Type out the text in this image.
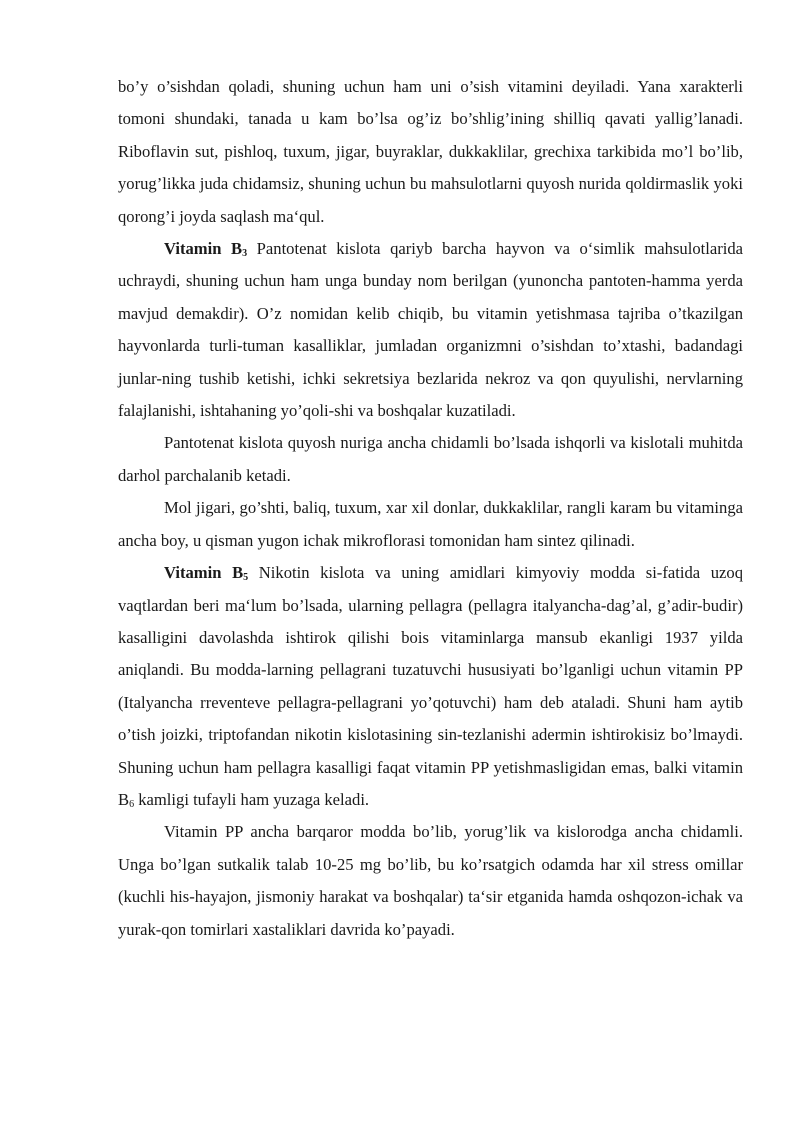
bo’y o’sishdan qoladi, shuning uchun ham uni o’sish vitamini deyiladi. Yana xarakterli tomoni shundaki, tanada u kam bo’lsa og’iz bo’shlig’ining shilliq qavati yallig’lanadi. Riboflavin sut, pishloq, tuxum, jigar, buyraklar, dukkaklilar, grechixa tarkibida mo’l bo’lib, yorug’likka juda chidamsiz, shuning uchun bu mahsulotlarni quyosh nurida qoldirmaslik yoki qorong’i joyda saqlash ma‘qul.

Vitamin $B_3$ Pantotenat kislota qariyb barcha hayvon va o‘simlik mahsulotlarida uchraydi, shuning uchun ham unga bunday nom berilgan (yunoncha pantoten-hamma yerda mavjud demakdir). O’z nomidan kelib chiqib, bu vitamin yetishmasa tajriba o’tkazilgan hayvonlarda turli-tuman kasalliklar, jumladan organizmni o’sishdan to’xtashi, badandagi junlar-ning tushib ketishi, ichki sekretsiya bezlarida nekroz va qon quyulishi, nervlarning falajlanishi, ishtahaning yo’qoli-shi va boshqalar kuzatiladi.

Pantotenat kislota quyosh nuriga ancha chidamli bo’lsada ishqorli va kislotali muhitda darhol parchalanib ketadi.

Mol jigari, go’shti, baliq, tuxum, xar xil donlar, dukkaklilar, rangli karam bu vitaminga ancha boy, u qisman yugon ichak mikroflorasi tomonidan ham sintez qilinadi.

Vitamin $B_5$ Nikotin kislota va uning amidlari kimyoviy modda si-fatida uzoq vaqtlardan beri ma‘lum bo’lsada, ularning pellagra (pellagra italyancha-dag’al, g’adir-budir) kasalligini davolashda ishtirok qilishi bois vitaminlarga mansub ekanligi 1937 yilda aniqlandi. Bu modda-larning pellagrani tuzatuvchi hususiyati bo’lganligi uchun vitamin PP (Italyancha rreventeve pellagra-pellagrani yo’qotuvchi) ham deb ataladi. Shuni ham aytib o’tish joizki, triptofandan nikotin kislotasining sin-tezlanishi adermin ishtirokisiz bo’lmaydi. Shuning uchun ham pellagra kasalligi faqat vitamin PP yetishmasligidan emas, balki vitamin $B_6$ kamligi tufayli ham yuzaga keladi.

Vitamin PP ancha barqaror modda bo’lib, yorug’lik va kislorodga ancha chidamli. Unga bo’lgan sutkalik talab 10-25 mg bo’lib, bu ko’rsatgich odamda har xil stress omillar (kuchli his-hayajon, jismoniy harakat va boshqalar) ta‘sir etganida hamda oshqozon-ichak va yurak-qon tomirlari xastaliklari davrida ko’payadi.
